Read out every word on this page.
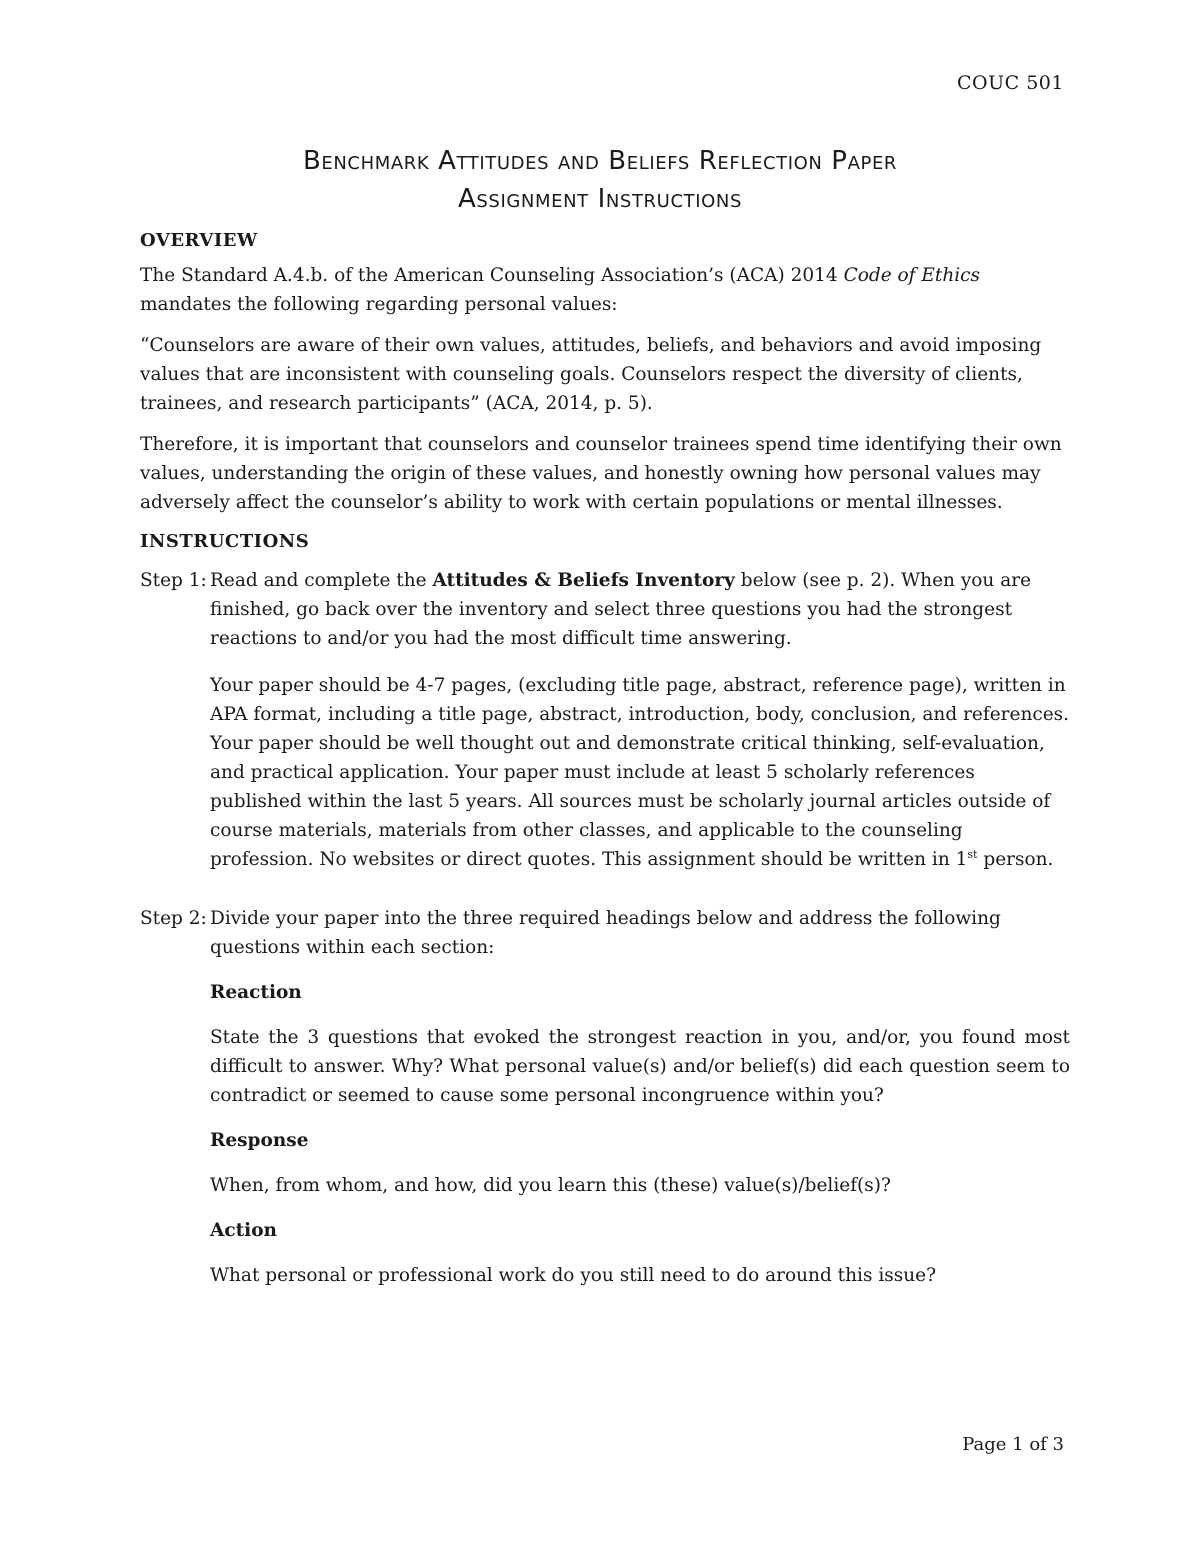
COUC 501
Benchmark Attitudes and Beliefs Reflection Paper
Assignment Instructions
OVERVIEW

The Standard A.4.b. of the American Counseling Association’s (ACA) 2014 Code of Ethics mandates the following regarding personal values:

“Counselors are aware of their own values, attitudes, beliefs, and behaviors and avoid imposing values that are inconsistent with counseling goals. Counselors respect the diversity of clients, trainees, and research participants” (ACA, 2014, p. 5).

Therefore, it is important that counselors and counselor trainees spend time identifying their own values, understanding the origin of these values, and honestly owning how personal values may adversely affect the counselor’s ability to work with certain populations or mental illnesses.

INSTRUCTIONS
Step 1: Read and complete the Attitudes & Beliefs Inventory below (see p. 2). When you are finished, go back over the inventory and select three questions you had the strongest reactions to and/or you had the most difficult time answering.
Your paper should be 4-7 pages, (excluding title page, abstract, reference page), written in APA format, including a title page, abstract, introduction, body, conclusion, and references. Your paper should be well thought out and demonstrate critical thinking, self-evaluation, and practical application. Your paper must include at least 5 scholarly references published within the last 5 years. All sources must be scholarly journal articles outside of course materials, materials from other classes, and applicable to the counseling profession. No websites or direct quotes. This assignment should be written in 1st person.
Step 2: Divide your paper into the three required headings below and address the following questions within each section:
Reaction
State the 3 questions that evoked the strongest reaction in you, and/or, you found most difficult to answer. Why? What personal value(s) and/or belief(s) did each question seem to contradict or seemed to cause some personal incongruence within you?
Response
When, from whom, and how, did you learn this (these) value(s)/belief(s)?
Action
What personal or professional work do you still need to do around this issue?
Page 1 of 3
